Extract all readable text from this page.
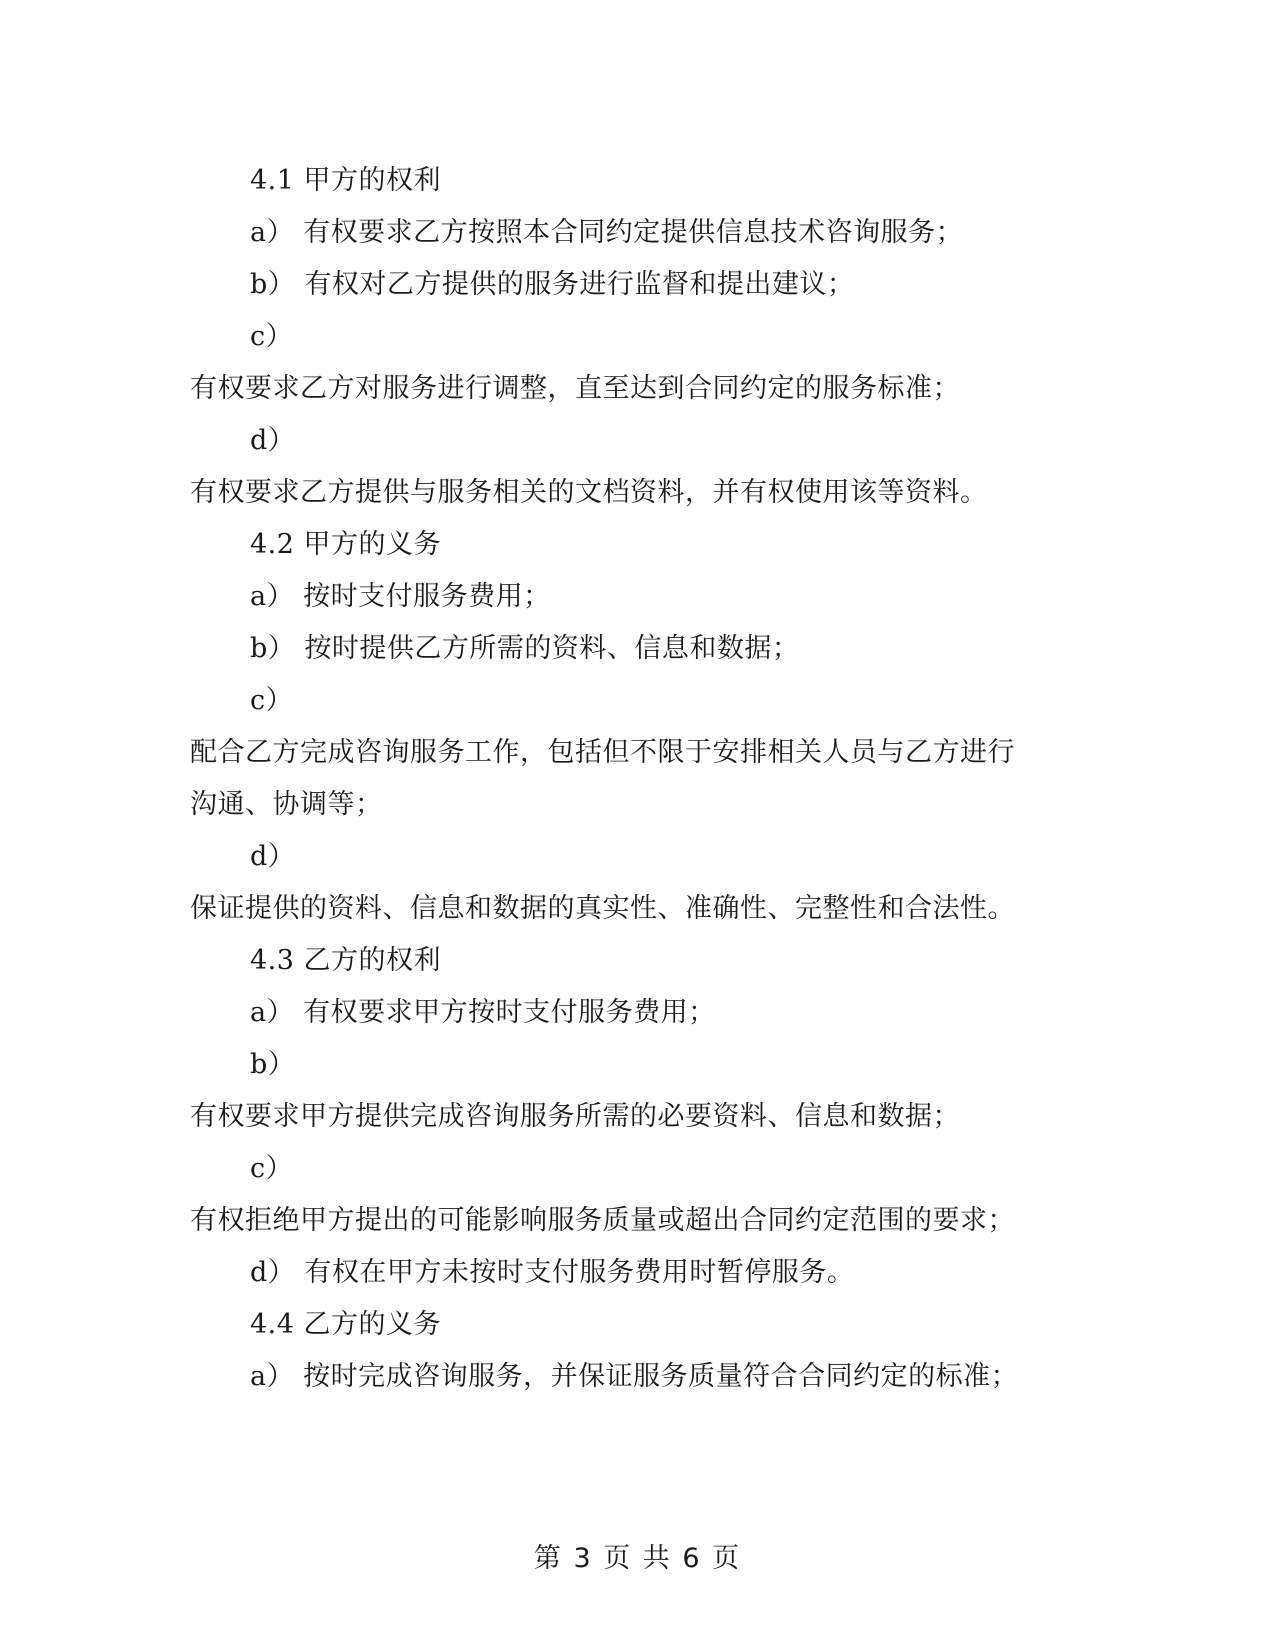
4.1 甲方的权利
a） 有权要求乙方按照本合同约定提供信息技术咨询服务；
b） 有权对乙方提供的服务进行监督和提出建议；
c）
有权要求乙方对服务进行调整，直至达到合同约定的服务标准；
d）
有权要求乙方提供与服务相关的文档资料，并有权使用该等资料。
4.2 甲方的义务
a） 按时支付服务费用；
b） 按时提供乙方所需的资料、信息和数据；
c）
配合乙方完成咨询服务工作，包括但不限于安排相关人员与乙方进行
沟通、协调等；
d）
保证提供的资料、信息和数据的真实性、准确性、完整性和合法性。
4.3 乙方的权利
a） 有权要求甲方按时支付服务费用；
b）
有权要求甲方提供完成咨询服务所需的必要资料、信息和数据；
c）
有权拒绝甲方提出的可能影响服务质量或超出合同约定范围的要求；
d） 有权在甲方未按时支付服务费用时暂停服务。
4.4 乙方的义务
a） 按时完成咨询服务，并保证服务质量符合合同约定的标准；
第 3 页 共 6 页
